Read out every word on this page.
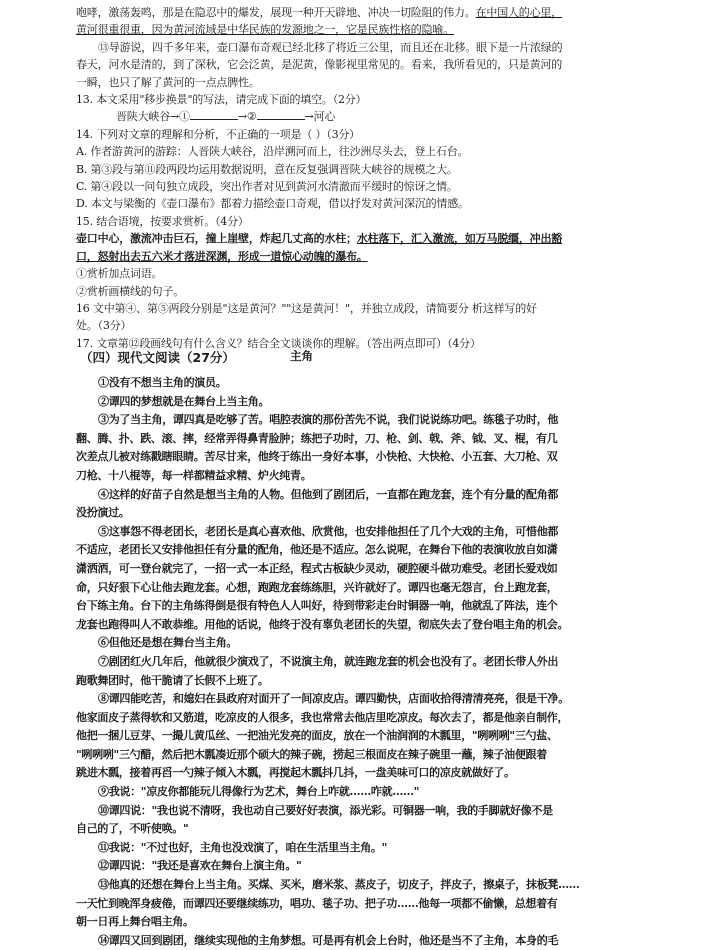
咆哮，激荡轰鸣，那是在隐忍中的爆发，展现一种开天辟地、冲决一切险阻的伟力。在中国人的心里，

黄河很重很重，因为黄河流域是中华民族的发源地之一，它是民族性格的隐喻。

⑬导游说，四千多年来，壶口瀑布奇观已经北移了将近三公里，而且还在北移。眼下是一片浓绿的

春天，河水是清的，到了深秋，它会泛黄，是泥黄，像影视里常见的。看来，我所看见的，只是黄河的

一瞬，也只了解了黄河的一点点脾性。

13. 本文采用"移步换景"的写法，请完成下面的填空。（2分）

晋陕大峡谷→①	→②	→河心

14. 下列对文章的理解和分析，不正确的一项是（ ）（3分）

A. 作者游黄河的游踪：人晋陕大峡谷，沿岸溯河而上，往沙洲尽头去，登上石台。

B. 第③段与第⑪段两段均运用数据说明，意在反复强调晋陕大峡谷的规模之大。

C. 第④段以一问句独立成段，突出作者对见到黄河水清澈而平缓时的惊讶之情。

D. 本文与梁衡的《壶口瀑布》都着力描绘壶口奇观，借以抒发对黄河深沉的情感。

15. 结合语境，按要求赏析。（4分）

壶口中心，激流冲击巨石，撞上崖壁，炸起几丈高的水柱；水柱落下，汇入激流，如万马脱缰，冲出豁

口，怒射出去五六米才落进深渊，形成一道惊心动魄的瀑布。

①赏析加点词语。

②赏析画横线的句子。

16 文中第④、第⑤两段分别是"这是黄河？""这是黄河！"，并独立成段，请简要分 析这样写的好

处。（3分）

17. 文章第⑫段画线句有什么含义？结合全文谈谈你的理解。（答出两点即可）（4分）

（四）现代文阅读（27分）	主角

①没有不想当主角的演员。

②谭四的梦想就是在舞台上当主角。

③为了当主角，谭四真是吃够了苦。唱腔表演的那份苦先不说，我们说说练功吧。练毯子功时，他

翻、腾、扑、跌、滚、摔，经常弄得鼻青脸肿；练把子功时，刀、枪、剑、戟、斧、钺、叉、棍，有几

次差点儿被对练戳瞎眼睛。苦尽甘来，他终于练出一身好本事，小快枪、大快枪、小五套、大刀枪、双

刀枪、十八棍等，每一样都精益求精、炉火纯青。

④这样的好苗子自然是想当主角的人物。但他到了剧团后，一直都在跑龙套，连个有分量的配角都

没扮演过。

⑤这事怨不得老团长，老团长是真心喜欢他、欣赏他，也安排他担任了几个大戏的主角，可惜他都

不适应，老团长又安排他担任有分量的配角，他还是不适应。怎么说呢，在舞台下他的表演收放自如潇

潇洒洒，可一登台就完了，一招一式一本正经，程式古板缺少灵动，硬腔硬斗做功难受。老团长爱戏如

命，只好狠下心让他去跑龙套。心想，跑跑龙套练练胆，兴许就好了。谭四也毫无怨言，台上跑龙套，

台下练主角。台下的主角练得倒是很有特色人人叫好，待到带彩走台时铜器一响，他就乱了阵法，连个

龙套也跑得叫人不敢恭维。用他的话说，他终于没有辜负老团长的失望，彻底失去了登台唱主角的机会。

⑥但他还是想在舞台当主角。

⑦剧团红火几年后，他就很少演戏了，不说演主角，就连跑龙套的机会也没有了。老团长带人外出

跑歌舞团时，他干脆请了长假不上班了。

⑧谭四能吃苦，和媳妇在县政府对面开了一间凉皮店。谭四勤快，店面收拾得清清亮亮，很是干净。

他家面皮子蒸得软和又筋道，吃凉皮的人很多，我也常常去他店里吃凉皮。每次去了，都是他亲自制作，

他把一捆儿豆芽、一撮儿黄瓜丝、一把油光发亮的面皮，放在一个油润润的木瓢里，"咧咧咧"三勺盐、

"咧咧咧"三勺醋，然后把木瓢凑近那个硕大的辣子碗，捞起三根面皮在辣子碗里一蘸，辣子油便跟着

跳进木瓢，接着再舀一勺辣子倾入木瓢，再搅起木瓢抖几抖，一盘美味可口的凉皮就做好了。

⑨我说："凉皮你都能玩儿得像行为艺术，舞台上咋就……咋就……"

⑩谭四说："我也说不清呀，我也动自己要好好表演，添光彩。可铜器一响，我的手脚就好像不是

自己的了，不听使唤。"

⑪我说："不过也好，主角也没戏演了，咱在生活里当主角。"

⑫谭四说："我还是喜欢在舞台上演主角。"

⑬他真的还想在舞台上当主角。买煤、买米，磨米浆、蒸皮子，切皮子，拌皮子，擦桌子，抹板凳……

一天忙到晚浑身疲倦，而谭四还要继续练功，唱功、毯子功、把子功……他每一项都不偷懒，总想着有

朝一日再上舞台唱主角。

⑭谭四又回到剧团，继续实现他的主角梦想。可是再有机会上台时，他还是当不了主角，本身的毛
